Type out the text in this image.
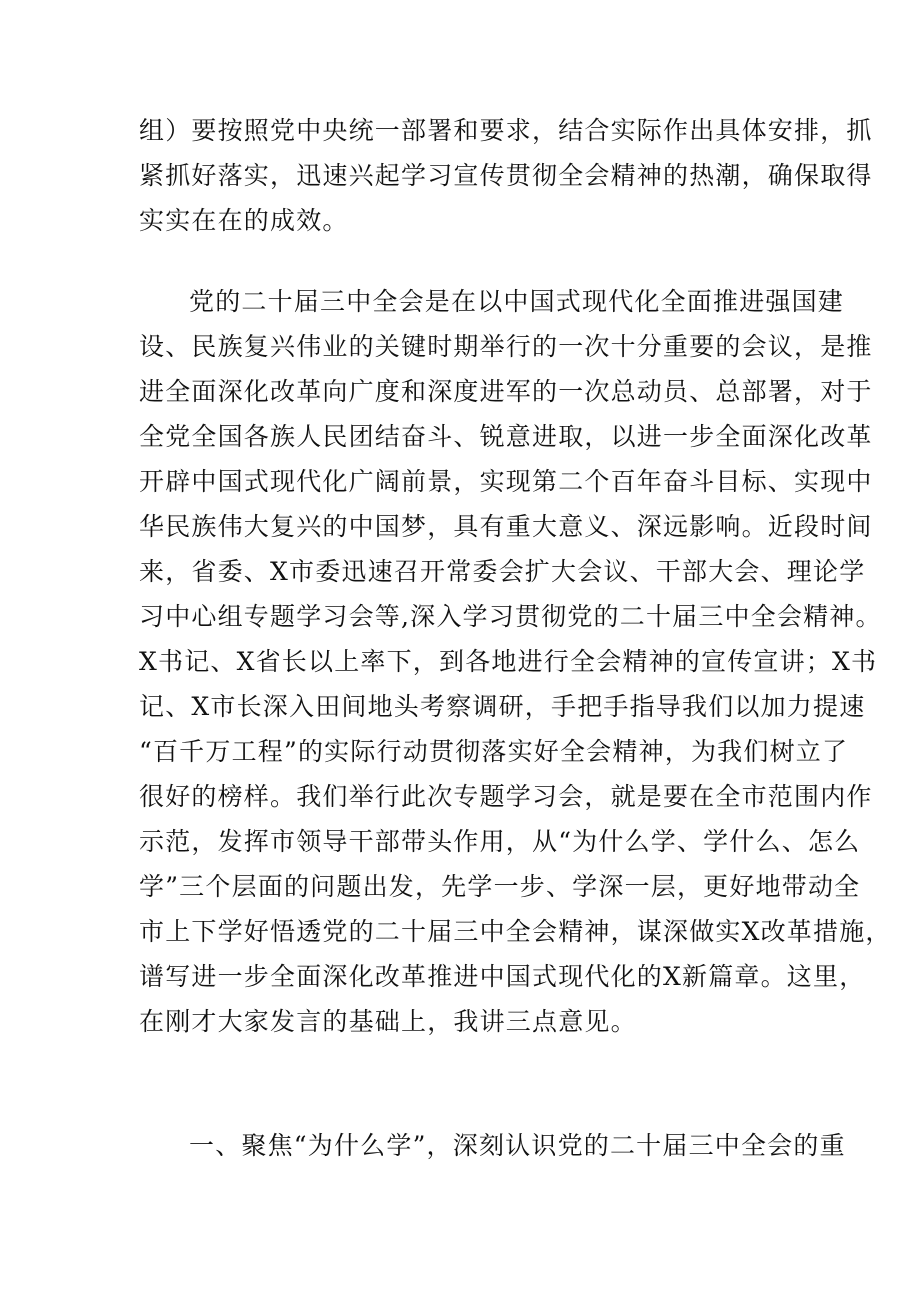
组）要按照党中央统一部署和要求，结合实际作出具体安排，抓
紧抓好落实，迅速兴起学习宣传贯彻全会精神的热潮，确保取得
实实在在的成效。
党的二十届三中全会是在以中国式现代化全面推进强国建
设、民族复兴伟业的关键时期举行的一次十分重要的会议，是推
进全面深化改革向广度和深度进军的一次总动员、总部署，对于
全党全国各族人民团结奋斗、锐意进取，以进一步全面深化改革
开辟中国式现代化广阔前景，实现第二个百年奋斗目标、实现中
华民族伟大复兴的中国梦，具有重大意义、深远影响。近段时间
来，省委、X市委迅速召开常委会扩大会议、干部大会、理论学
习中心组专题学习会等,深入学习贯彻党的二十届三中全会精神。
X书记、X省长以上率下，到各地进行全会精神的宣传宣讲；X书
记、X市长深入田间地头考察调研，手把手指导我们以加力提速
“百千万工程”的实际行动贯彻落实好全会精神，为我们树立了
很好的榜样。我们举行此次专题学习会，就是要在全市范围内作
示范，发挥市领导干部带头作用，从“为什么学、学什么、怎么
学”三个层面的问题出发，先学一步、学深一层，更好地带动全
市上下学好悟透党的二十届三中全会精神，谋深做实X改革措施，
谱写进一步全面深化改革推进中国式现代化的X新篇章。这里，
在刚才大家发言的基础上，我讲三点意见。
一、聚焦“为什么学”，深刻认识党的二十届三中全会的重
